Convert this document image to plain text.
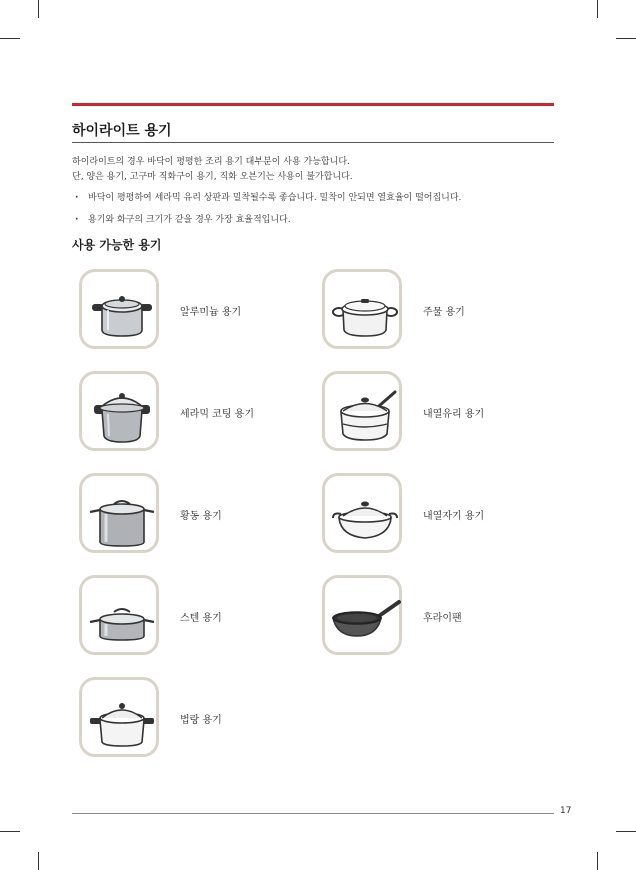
하이라이트 용기
하이라이트의 경우 바닥이 평평한 조리 용기 대부분이 사용 가능합니다.
단, 양은 용기, 고구마 직화구이 용기, 직화 오븐기는 사용이 불가합니다.
· 바닥이 평평하여 세라믹 유리 상판과 밀착될수록 좋습니다. 밀착이 안되면 열효율이 떨어집니다.
· 용기와 화구의 크기가 같을 경우 가장 효율적입니다.
사용 가능한 용기
알루미늄 용기
세라믹 코팅 용기
황동 용기
스텐 용기
법랑 용기
주물 용기
내열유리 용기
내열자기 용기
후라이팬
17
